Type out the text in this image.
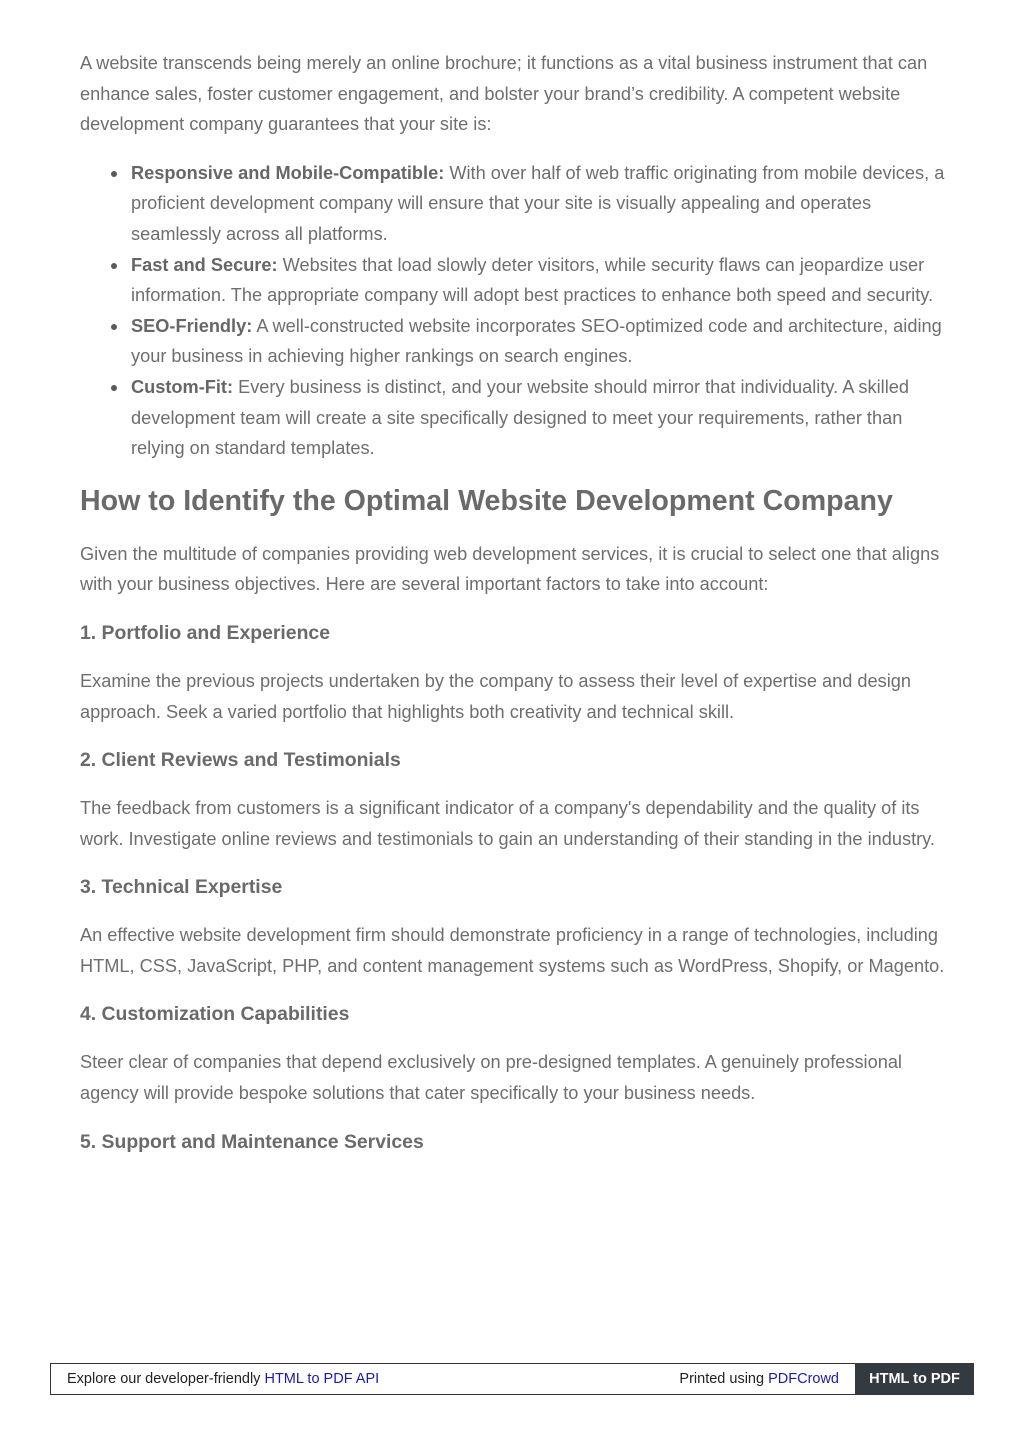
A website transcends being merely an online brochure; it functions as a vital business instrument that can enhance sales, foster customer engagement, and bolster your brand’s credibility. A competent website development company guarantees that your site is:

Responsive and Mobile-Compatible: With over half of web traffic originating from mobile devices, a proficient development company will ensure that your site is visually appealing and operates seamlessly across all platforms.
Fast and Secure: Websites that load slowly deter visitors, while security flaws can jeopardize user information. The appropriate company will adopt best practices to enhance both speed and security.
SEO-Friendly: A well-constructed website incorporates SEO-optimized code and architecture, aiding your business in achieving higher rankings on search engines.
Custom-Fit: Every business is distinct, and your website should mirror that individuality. A skilled development team will create a site specifically designed to meet your requirements, rather than relying on standard templates.
How to Identify the Optimal Website Development Company

Given the multitude of companies providing web development services, it is crucial to select one that aligns with your business objectives. Here are several important factors to take into account:

1. Portfolio and Experience

Examine the previous projects undertaken by the company to assess their level of expertise and design approach. Seek a varied portfolio that highlights both creativity and technical skill.

2. Client Reviews and Testimonials

The feedback from customers is a significant indicator of a company's dependability and the quality of its work. Investigate online reviews and testimonials to gain an understanding of their standing in the industry.

3. Technical Expertise

An effective website development firm should demonstrate proficiency in a range of technologies, including HTML, CSS, JavaScript, PHP, and content management systems such as WordPress, Shopify, or Magento.

4. Customization Capabilities

Steer clear of companies that depend exclusively on pre-designed templates. A genuinely professional agency will provide bespoke solutions that cater specifically to your business needs.

5. Support and Maintenance Services
Explore our developer-friendly HTML to PDF API	Printed using PDFCrowd	HTML to PDF
